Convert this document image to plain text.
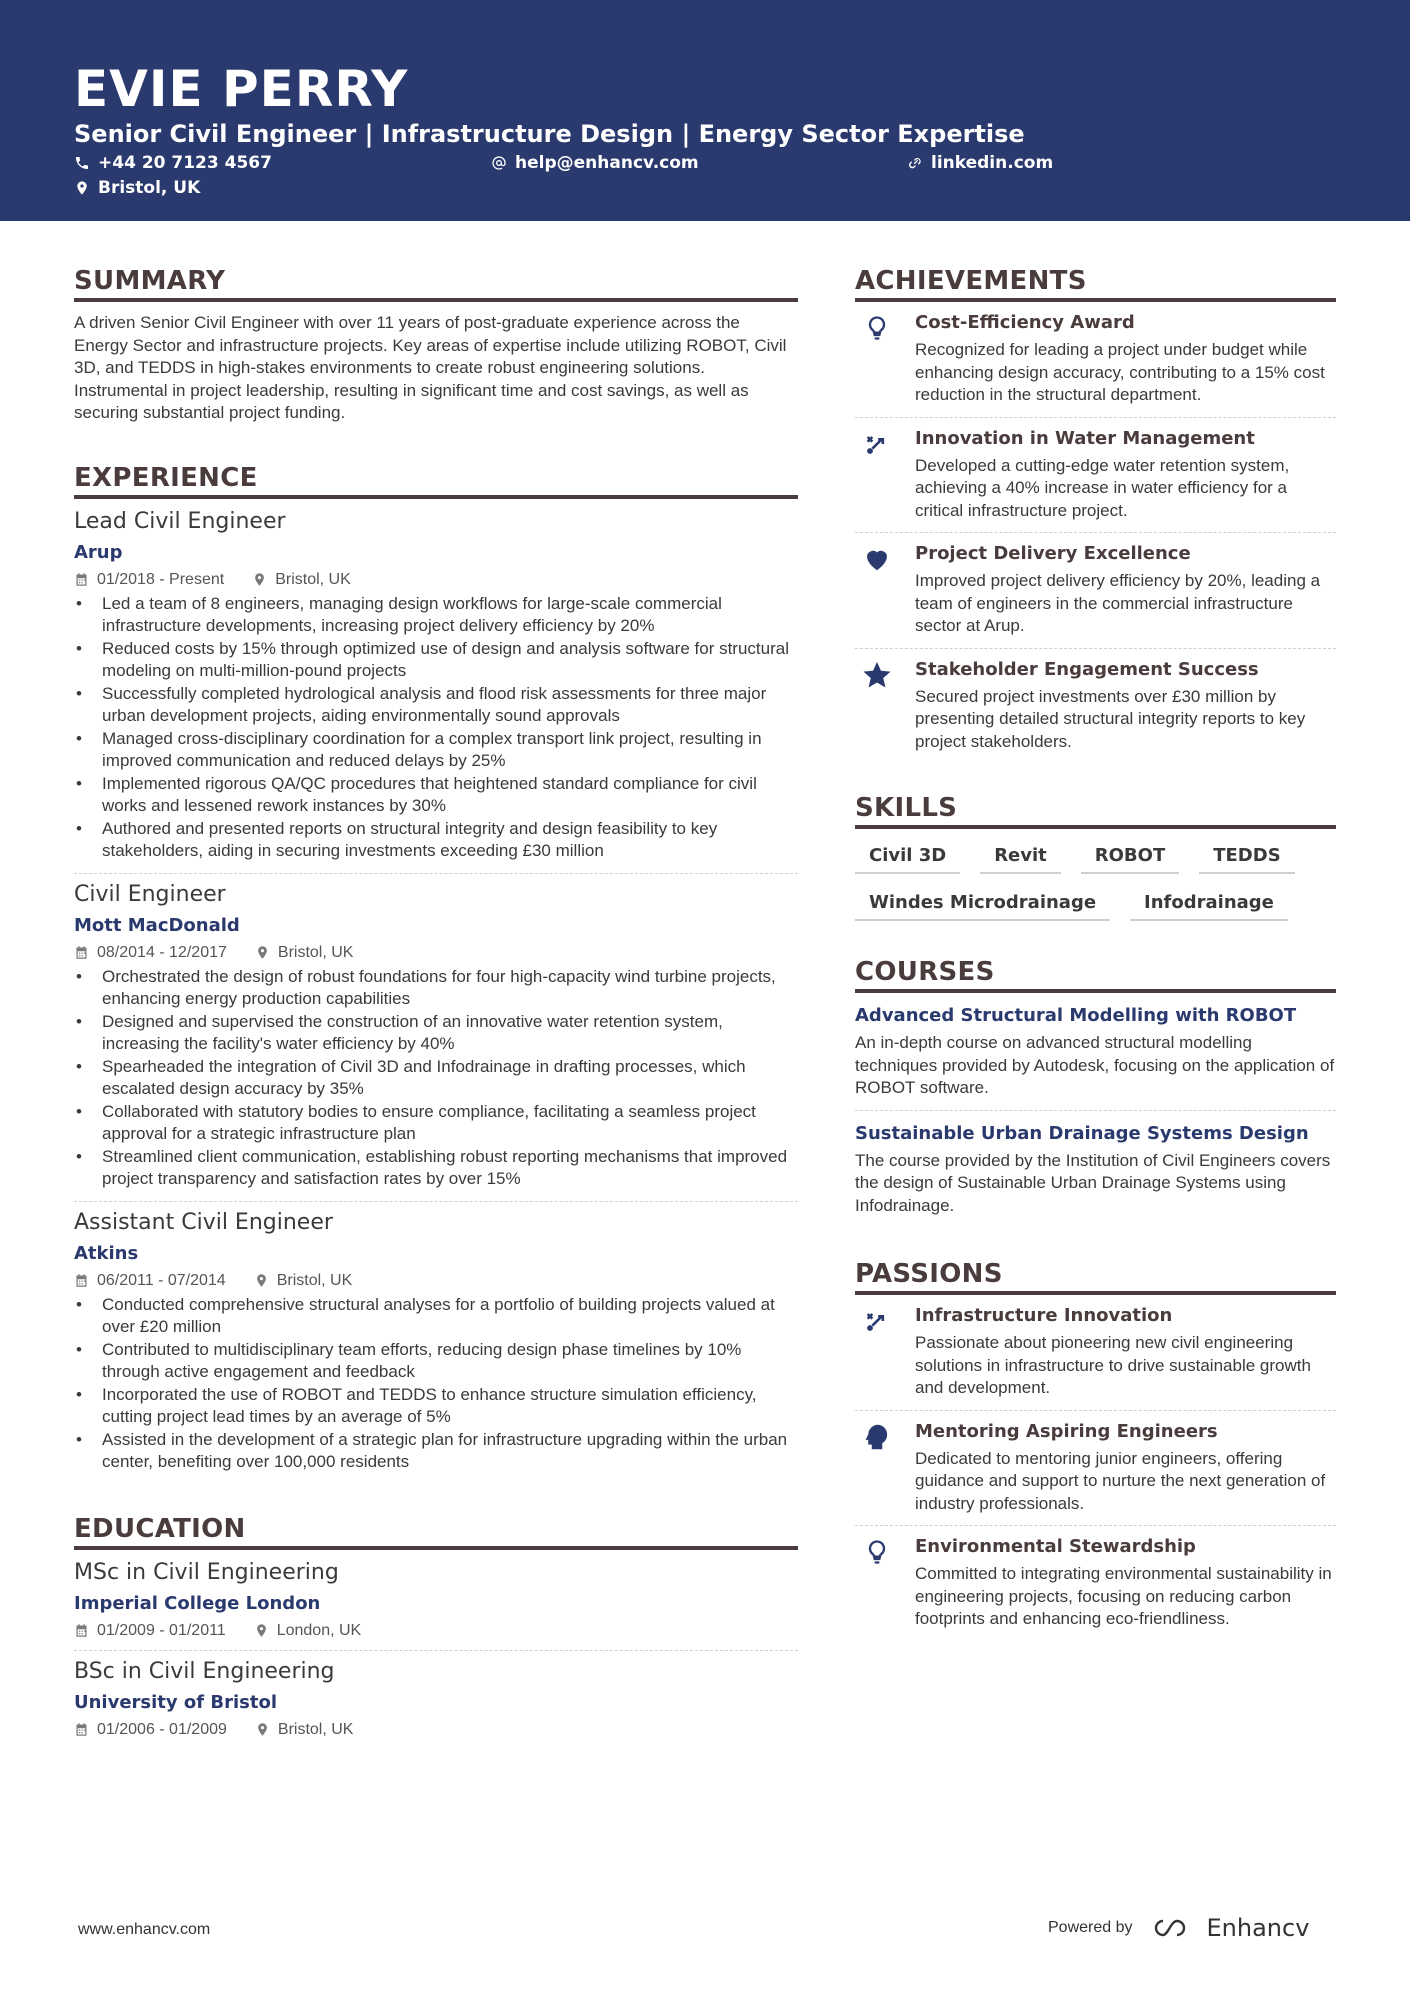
EVIE PERRY
Senior Civil Engineer | Infrastructure Design | Energy Sector Expertise
+44 20 7123 4567	help@enhancv.com	linkedin.com
Bristol, UK
SUMMARY
A driven Senior Civil Engineer with over 11 years of post-graduate experience across the Energy Sector and infrastructure projects. Key areas of expertise include utilizing ROBOT, Civil 3D, and TEDDS in high-stakes environments to create robust engineering solutions. Instrumental in project leadership, resulting in significant time and cost savings, as well as securing substantial project funding.
EXPERIENCE
Lead Civil Engineer
Arup
01/2018 - Present	Bristol, UK
• Led a team of 8 engineers, managing design workflows for large-scale commercial infrastructure developments, increasing project delivery efficiency by 20%
• Reduced costs by 15% through optimized use of design and analysis software for structural modeling on multi-million-pound projects
• Successfully completed hydrological analysis and flood risk assessments for three major urban development projects, aiding environmentally sound approvals
• Managed cross-disciplinary coordination for a complex transport link project, resulting in improved communication and reduced delays by 25%
• Implemented rigorous QA/QC procedures that heightened standard compliance for civil works and lessened rework instances by 30%
• Authored and presented reports on structural integrity and design feasibility to key stakeholders, aiding in securing investments exceeding £30 million
Civil Engineer
Mott MacDonald
08/2014 - 12/2017	Bristol, UK
• Orchestrated the design of robust foundations for four high-capacity wind turbine projects, enhancing energy production capabilities
• Designed and supervised the construction of an innovative water retention system, increasing the facility's water efficiency by 40%
• Spearheaded the integration of Civil 3D and Infodrainage in drafting processes, which escalated design accuracy by 35%
• Collaborated with statutory bodies to ensure compliance, facilitating a seamless project approval for a strategic infrastructure plan
• Streamlined client communication, establishing robust reporting mechanisms that improved project transparency and satisfaction rates by over 15%
Assistant Civil Engineer
Atkins
06/2011 - 07/2014	Bristol, UK
• Conducted comprehensive structural analyses for a portfolio of building projects valued at over £20 million
• Contributed to multidisciplinary team efforts, reducing design phase timelines by 10% through active engagement and feedback
• Incorporated the use of ROBOT and TEDDS to enhance structure simulation efficiency, cutting project lead times by an average of 5%
• Assisted in the development of a strategic plan for infrastructure upgrading within the urban center, benefiting over 100,000 residents
EDUCATION
MSc in Civil Engineering
Imperial College London
01/2009 - 01/2011	London, UK
BSc in Civil Engineering
University of Bristol
01/2006 - 01/2009	Bristol, UK
ACHIEVEMENTS
Cost-Efficiency Award
Recognized for leading a project under budget while enhancing design accuracy, contributing to a 15% cost reduction in the structural department.
Innovation in Water Management
Developed a cutting-edge water retention system, achieving a 40% increase in water efficiency for a critical infrastructure project.
Project Delivery Excellence
Improved project delivery efficiency by 20%, leading a team of engineers in the commercial infrastructure sector at Arup.
Stakeholder Engagement Success
Secured project investments over £30 million by presenting detailed structural integrity reports to key project stakeholders.
SKILLS
Civil 3D	Revit	ROBOT	TEDDS
Windes Microdrainage	Infodrainage
COURSES
Advanced Structural Modelling with ROBOT
An in-depth course on advanced structural modelling techniques provided by Autodesk, focusing on the application of ROBOT software.
Sustainable Urban Drainage Systems Design
The course provided by the Institution of Civil Engineers covers the design of Sustainable Urban Drainage Systems using Infodrainage.
PASSIONS
Infrastructure Innovation
Passionate about pioneering new civil engineering solutions in infrastructure to drive sustainable growth and development.
Mentoring Aspiring Engineers
Dedicated to mentoring junior engineers, offering guidance and support to nurture the next generation of industry professionals.
Environmental Stewardship
Committed to integrating environmental sustainability in engineering projects, focusing on reducing carbon footprints and enhancing eco-friendliness.
www.enhancv.com	Powered by	Enhancv
